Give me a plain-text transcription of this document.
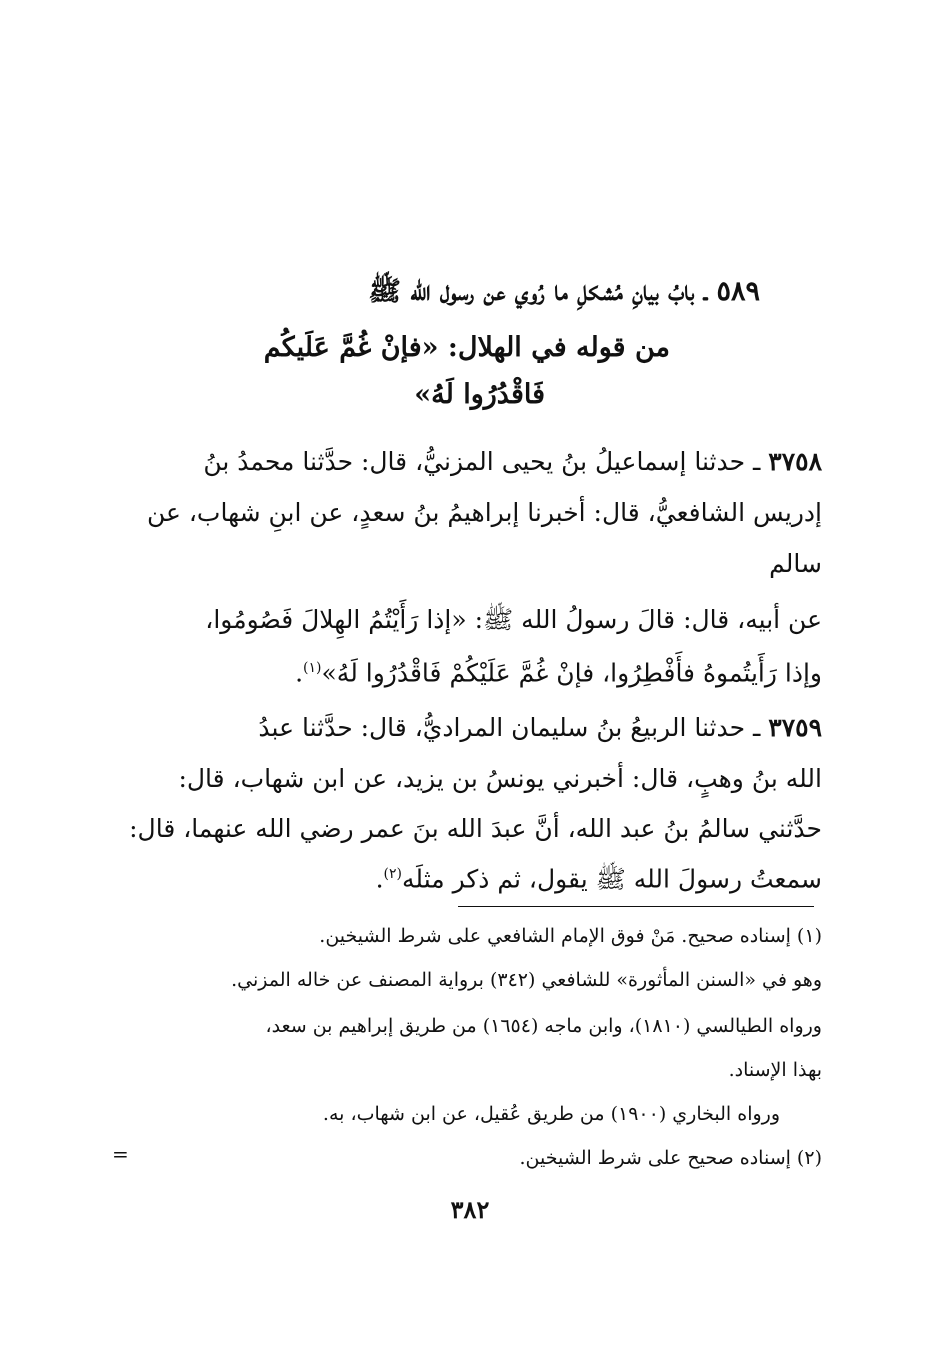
٥٨٩ ـ بابُ بيانِ مُشكلِ ما رُوي عن رسول الله ﷺ
من قوله في الهلال: «فإنْ غُمَّ عَلَيكُم
فَاقْدُرُوا لَهُ»
٣٧٥٨ ـ حدثنا إسماعيلُ بنُ يحيى المزنيُّ، قال: حدَّثنا محمدُ بنُ
إدريس الشافعيُّ، قال: أخبرنا إبراهيمُ بنُ سعدٍ، عن ابنِ شهاب، عن
سالم
عن أبيه، قال: قالَ رسولُ الله ﷺ: «إذا رَأَيْتُمُ الهِلالَ فَصُومُوا،
وإذا رَأَيتُموهُ فأَفْطِرُوا، فإنْ غُمَّ عَلَيْكُمْ فَاقْدُرُوا لَهُ»$^{(١)}$.
٣٧٥٩ ـ حدثنا الربيعُ بنُ سليمان المراديُّ، قال: حدَّثنا عبدُ
الله بنُ وهبٍ، قال: أخبرني يونسُ بن يزيد، عن ابن شهاب، قال:
حدَّثني سالمُ بنُ عبد الله، أنَّ عبدَ الله بنَ عمر رضي الله عنهما، قال:
سمعتُ رسولَ الله ﷺ يقول، ثم ذكر مثلَه$^{(٢)}$.
(١) إسناده صحيح. مَنْ فوق الإمام الشافعي على شرط الشيخين.
وهو في «السنن المأثورة» للشافعي (٣٤٢) برواية المصنف عن خاله المزني.
ورواه الطيالسي (١٨١٠)، وابن ماجه (١٦٥٤) من طريق إبراهيم بن سعد،
بهذا الإسناد.
ورواه البخاري (١٩٠٠) من طريق عُقيل، عن ابن شهاب، به.
(٢) إسناده صحيح على شرط الشيخين.
=
٣٨٢
